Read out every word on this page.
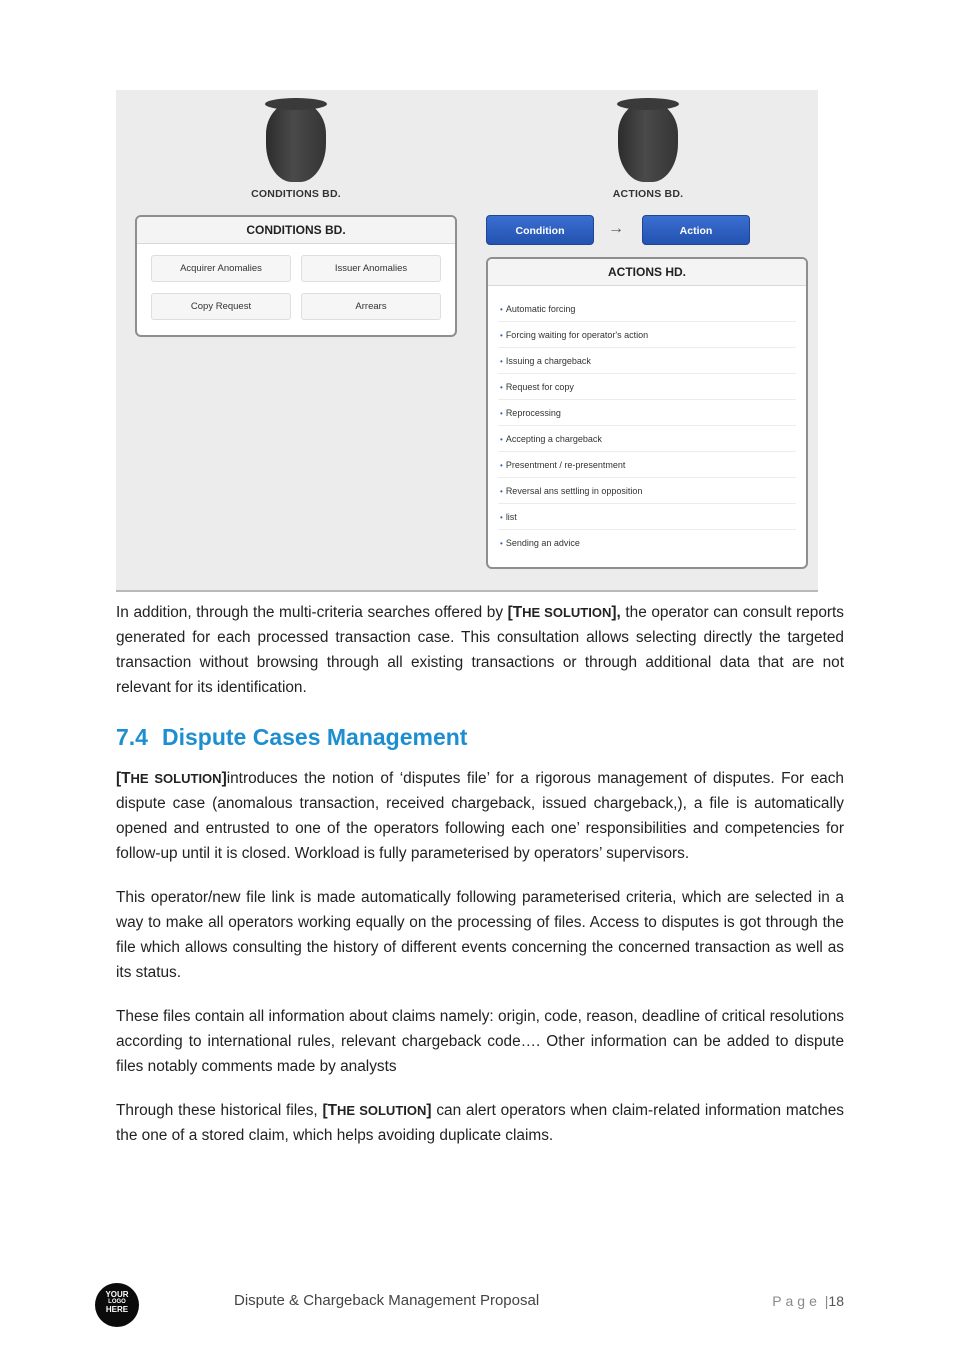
CONDITIONS BD.	ACTIONS BD.
CONDITIONS BD.
Acquirer Anomalies	Issuer Anomalies
Copy Request	Arrears
Condition	→	Action
ACTIONS HD.
• Automatic forcing
• Forcing waiting for operator's action
• Issuing a chargeback
• Request for copy
• Reprocessing
• Accepting a chargeback
• Presentment / re-presentment
• Reversal ans settling in opposition
• list
• Sending an advice

In addition, through the multi-criteria searches offered by [THE SOLUTION], the operator can consult reports generated for each processed transaction case. This consultation allows selecting directly the targeted transaction without browsing through all existing transactions or through additional data that are not relevant for its identification.

7.4 Dispute Cases Management

[THE SOLUTION]introduces the notion of ‘disputes file’ for a rigorous management of disputes. For each dispute case (anomalous transaction, received chargeback, issued chargeback,), a file is automatically opened and entrusted to one of the operators following each one’ responsibilities and competencies for follow-up until it is closed. Workload is fully parameterised by operators’ supervisors.

This operator/new file link is made automatically following parameterised criteria, which are selected in a way to make all operators working equally on the processing of files. Access to disputes is got through the file which allows consulting the history of different events concerning the concerned transaction as well as its status.

These files contain all information about claims namely: origin, code, reason, deadline of critical resolutions according to international rules, relevant chargeback code…. Other information can be added to dispute files notably comments made by analysts

Through these historical files, [THE SOLUTION] can alert operators when claim-related information matches the one of a stored claim, which helps avoiding duplicate claims.

YOUR
LOGO
HERE
Dispute & Chargeback Management Proposal	Page |18
